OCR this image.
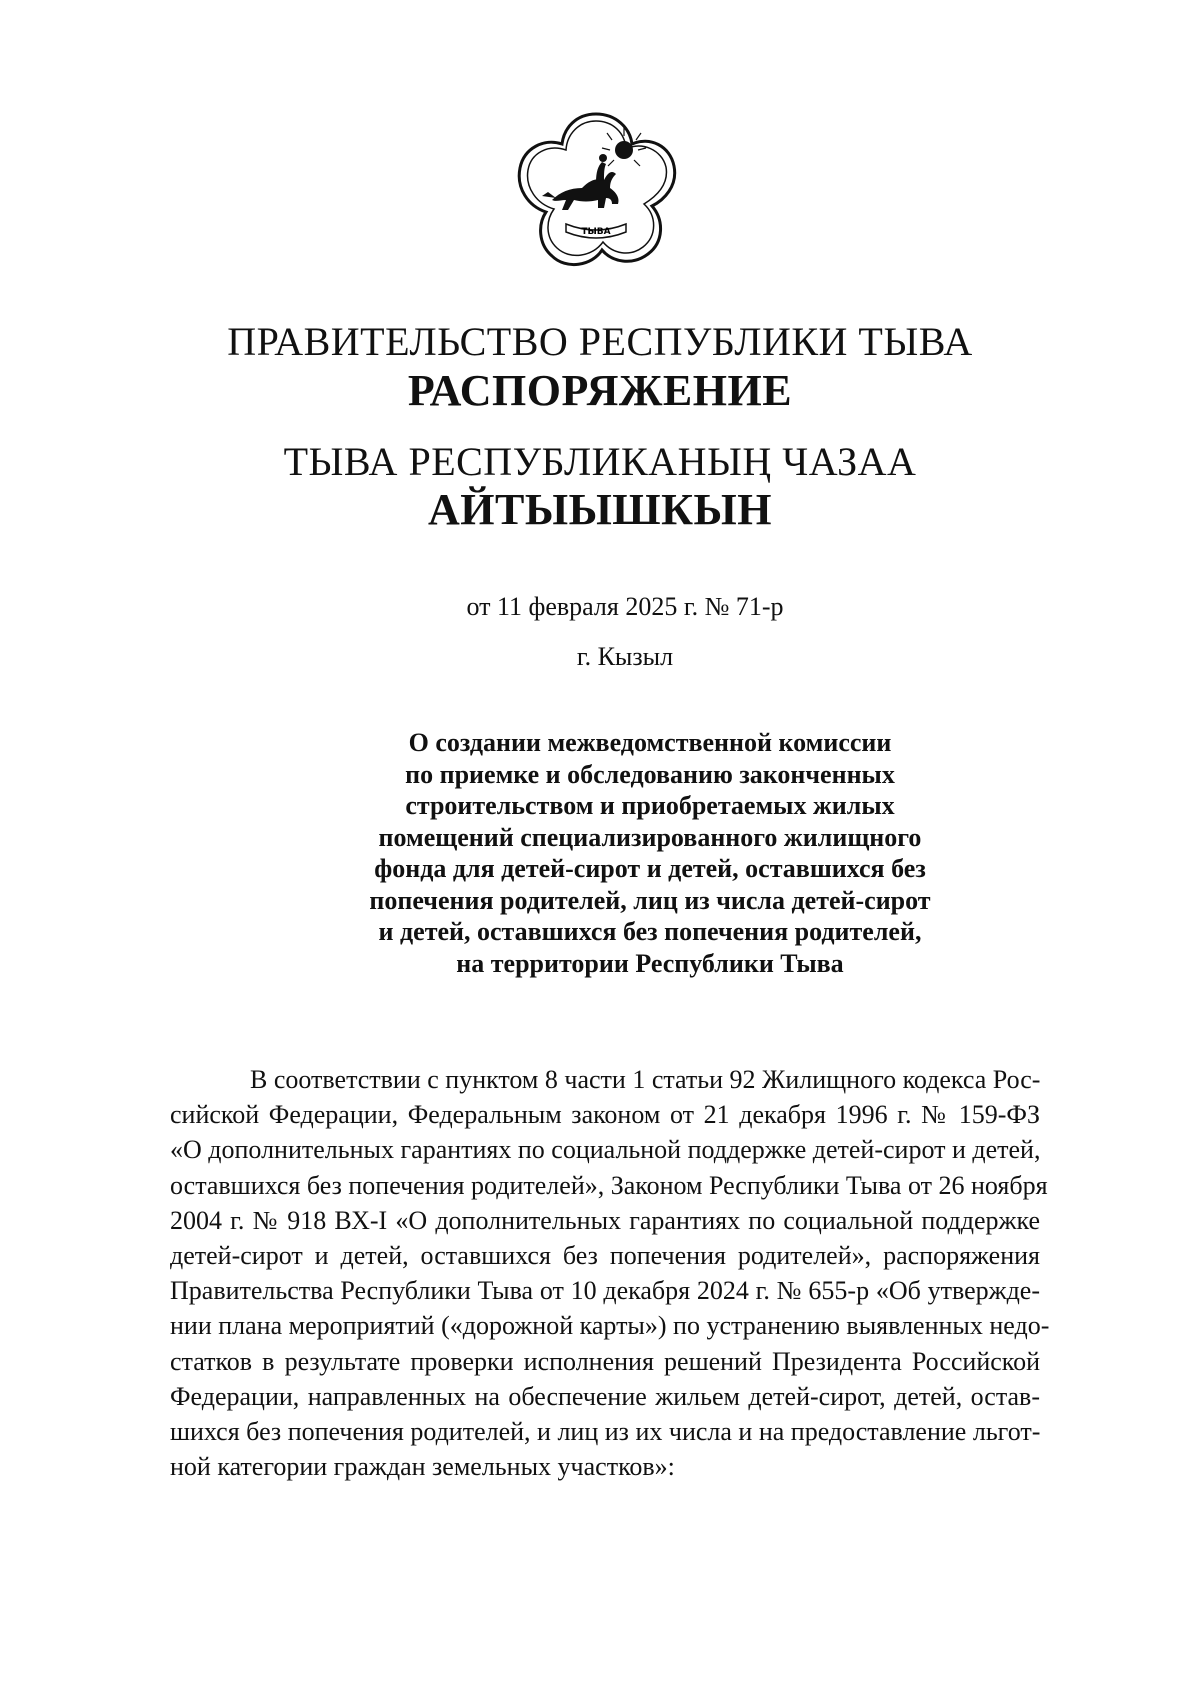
ТЫВА
ПРАВИТЕЛЬСТВО РЕСПУБЛИКИ ТЫВА
РАСПОРЯЖЕНИЕ
ТЫВА РЕСПУБЛИКАНЫҢ ЧАЗАА
АЙТЫЫШКЫН
от 11 февраля 2025 г. № 71-р
г. Кызыл

О создании межведомственной комиссии
по приемке и обследованию законченных
строительством и приобретаемых жилых
помещений специализированного жилищного
фонда для детей-сирот и детей, оставшихся без
попечения родителей, лиц из числа детей-сирот
и детей, оставшихся без попечения родителей,
на территории Республики Тыва

В соответствии с пунктом 8 части 1 статьи 92 Жилищного кодекса Рос-
сийской Федерации, Федеральным законом от 21 декабря 1996 г. № 159-ФЗ
«О дополнительных гарантиях по социальной поддержке детей-сирот и детей,
оставшихся без попечения родителей», Законом Республики Тыва от 26 ноября
2004 г. № 918 ВХ-I «О дополнительных гарантиях по социальной поддержке
детей-сирот и детей, оставшихся без попечения родителей», распоряжения
Правительства Республики Тыва от 10 декабря 2024 г. № 655-р «Об утвержде-
нии плана мероприятий («дорожной карты») по устранению выявленных недо-
статков в результате проверки исполнения решений Президента Российской
Федерации, направленных на обеспечение жильем детей-сирот, детей, остав-
шихся без попечения родителей, и лиц из их числа и на предоставление льгот-
ной категории граждан земельных участков»:
